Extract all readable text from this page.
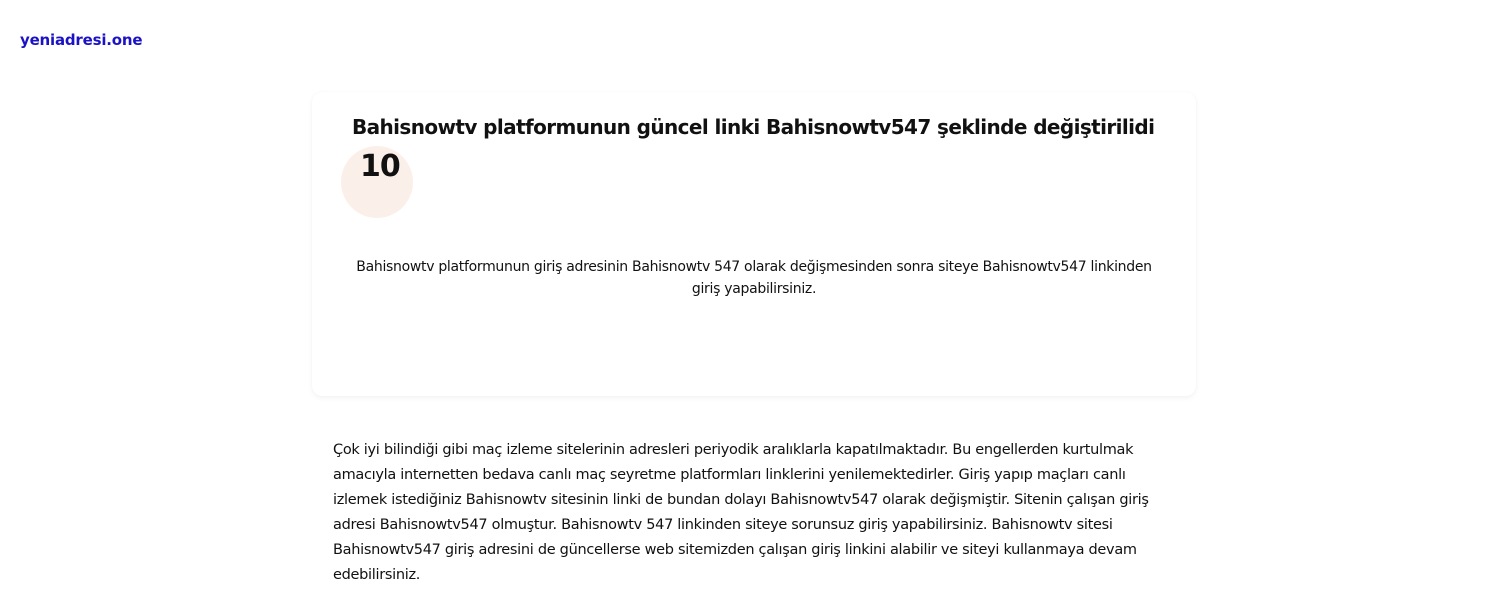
yeniadresi.one
Bahisnowtv platformunun güncel linki Bahisnowtv547 şeklinde değiştirilidi
10

Bahisnowtv platformunun giriş adresinin Bahisnowtv 547 olarak değişmesinden sonra siteye Bahisnowtv547 linkinden giriş yapabilirsiniz.

Çok iyi bilindiği gibi maç izleme sitelerinin adresleri periyodik aralıklarla kapatılmaktadır. Bu engellerden kurtulmak amacıyla internetten bedava canlı maç seyretme platformları linklerini yenilemektedirler. Giriş yapıp maçları canlı izlemek istediğiniz Bahisnowtv sitesinin linki de bundan dolayı Bahisnowtv547 olarak değişmiştir. Sitenin çalışan giriş adresi Bahisnowtv547 olmuştur. Bahisnowtv 547 linkinden siteye sorunsuz giriş yapabilirsiniz. Bahisnowtv sitesi Bahisnowtv547 giriş adresini de güncellerse web sitemizden çalışan giriş linkini alabilir ve siteyi kullanmaya devam edebilirsiniz.
